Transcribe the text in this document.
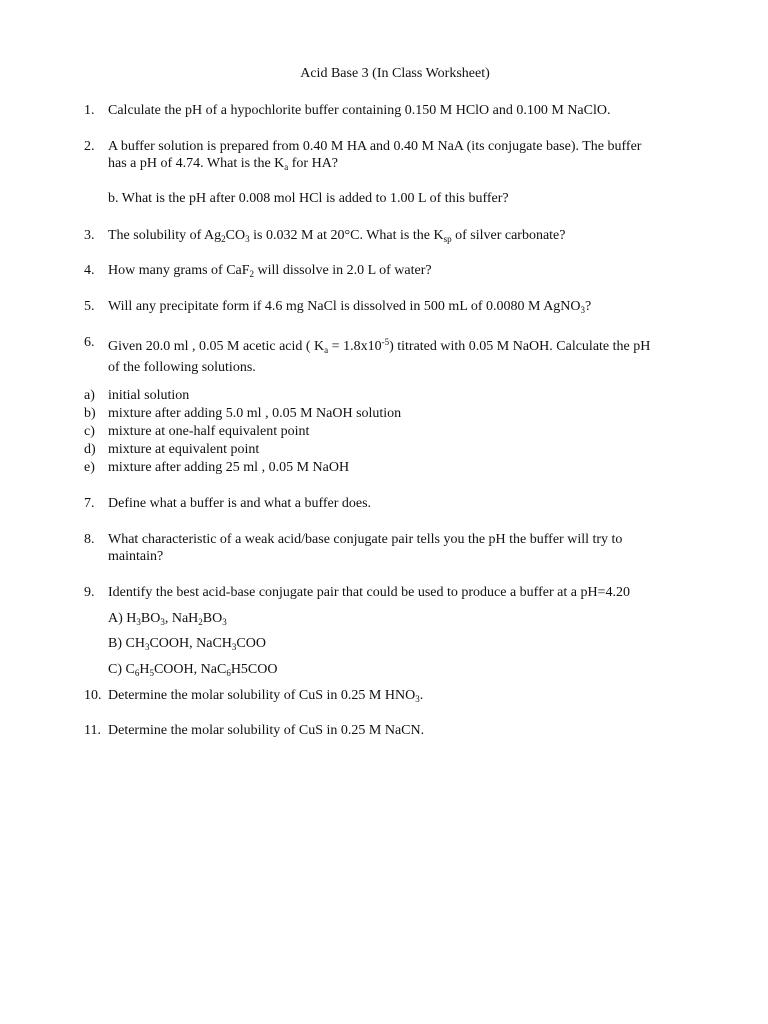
Acid Base 3 (In Class Worksheet)
1. Calculate the pH of a hypochlorite buffer containing 0.150 M HClO and 0.100 M NaClO.
2. A buffer solution is prepared from 0.40 M HA and 0.40 M NaA (its conjugate base). The buffer
has a pH of 4.74. What is the $K_a$ for HA?
b. What is the pH after 0.008 mol HCl is added to 1.00 L of this buffer?
3. The solubility of $Ag_2CO_3$ is 0.032 M at 20°C. What is the $K_{sp}$ of silver carbonate?
4. How many grams of CaF$_2$ will dissolve in 2.0 L of water?
5. Will any precipitate form if 4.6 mg NaCl is dissolved in 500 mL of 0.0080 M AgNO$_3$?
6. Given 20.0 ml , 0.05 M acetic acid ( $K_a = 1.8x10^{-5}$) titrated with 0.05 M NaOH. Calculate the pH
of the following solutions.
a) initial solution
b) mixture after adding 5.0 ml , 0.05 M NaOH solution
c) mixture at one-half equivalent point
d) mixture at equivalent point
e) mixture after adding 25 ml , 0.05 M NaOH
7. Define what a buffer is and what a buffer does.
8. What characteristic of a weak acid/base conjugate pair tells you the pH the buffer will try to
maintain?
9. Identify the best acid-base conjugate pair that could be used to produce a buffer at a pH=4.20
A) $H_3BO_3$, $NaH_2BO_3$
B) $CH_3COOH$, NaCH$_3$COO
C) $C_6H_5COOH$, NaC$_6$H5COO
10. Determine the molar solubility of CuS in 0.25 M $HNO_3$.
11. Determine the molar solubility of CuS in 0.25 M NaCN.
